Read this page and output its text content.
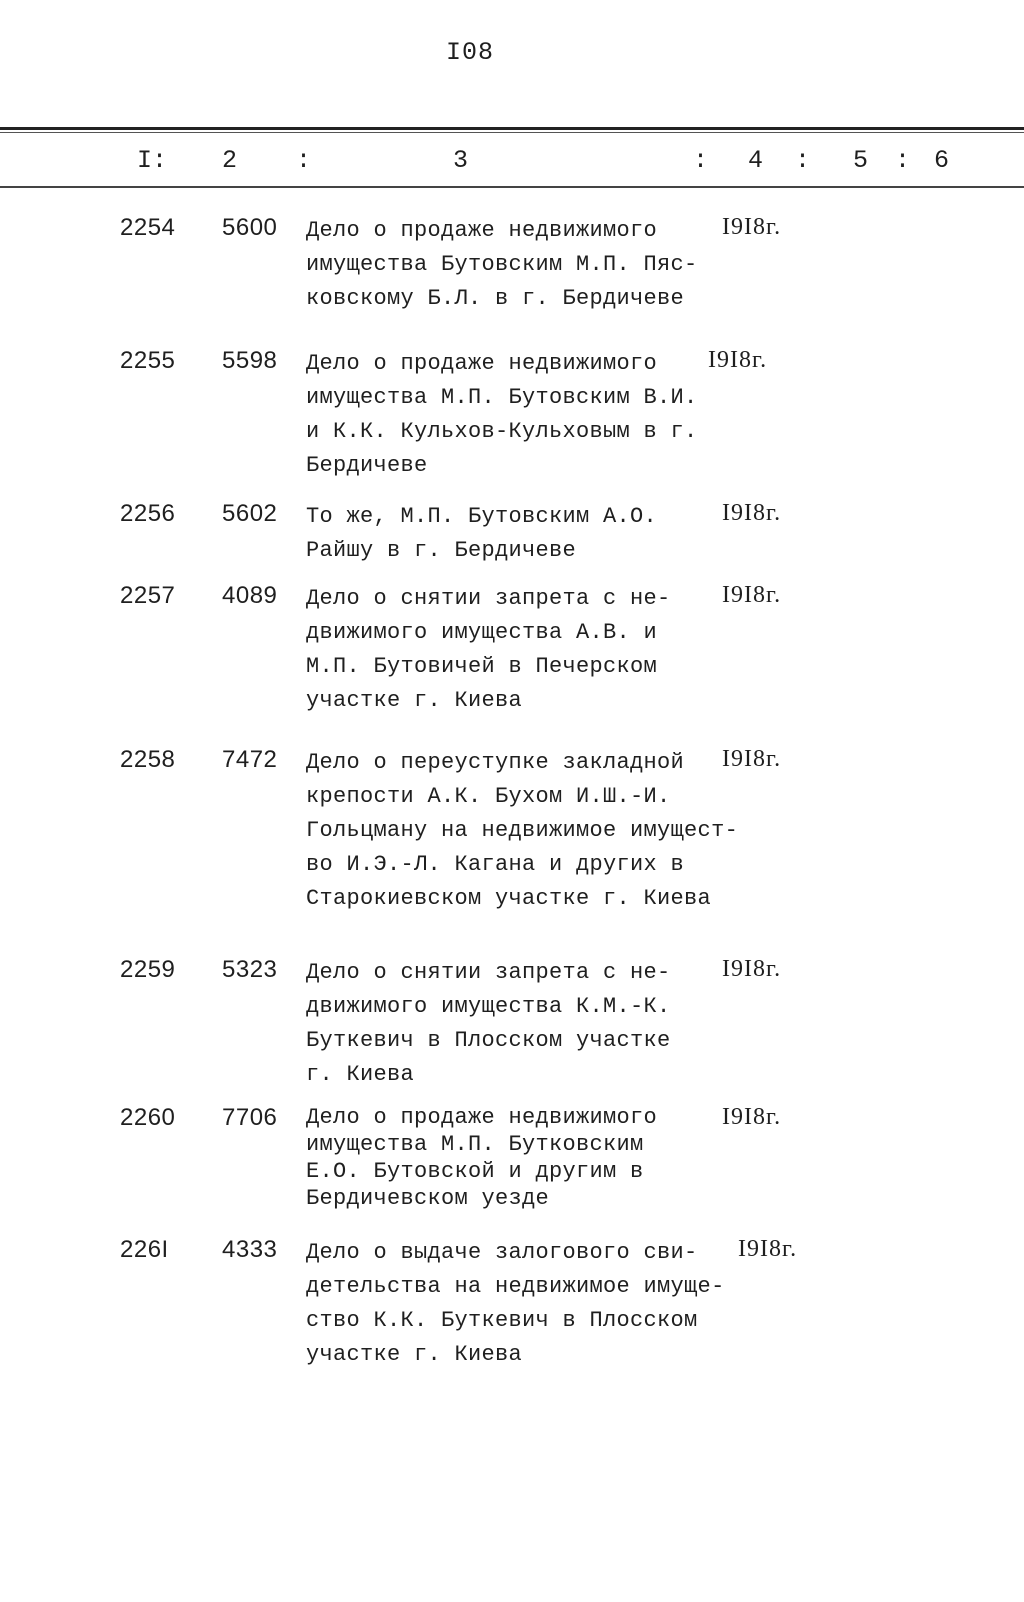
I08
I: 2 :	3	: 4 : 5 : 6
2254 5600 Дело о продаже недвижимого
имущества Бутовским М.П. Пяс-
ковскому Б.Л. в г. Бердичеве
I9I8г.
2255 5598 Дело о продаже недвижимого
имущества М.П. Бутовским В.И.
и К.К. Кульхов-Кульховым в г.
Бердичеве
I9I8г.
2256 5602 То же, М.П. Бутовским А.О.
Райшу в г. Бердичеве
I9I8г.
2257 4089 Дело о снятии запрета с не-
движимого имущества А.В. и
М.П. Бутовичей в Печерском
участке г. Киева
I9I8г.
2258 7472 Дело о переуступке закладной
крепости А.К. Бухом И.Ш.-И.
Гольцману на недвижимое имущест-
во И.Э.-Л. Кагана и других в
Старокиевском участке г. Киева
I9I8г.
2259 5323 Дело о снятии запрета с не-
движимого имущества К.М.-К.
Буткевич в Плосском участке
г. Киева
I9I8г.
2260 7706 Дело о продаже недвижимого
имущества М.П. Бутковским
Е.О. Бутовской и другим в
Бердичевском уезде
I9I8г.
226I 4333 Дело о выдаче залогового сви-
детельства на недвижимое имуще-
ство К.К. Буткевич в Плосском
участке г. Киева
I9I8г.
